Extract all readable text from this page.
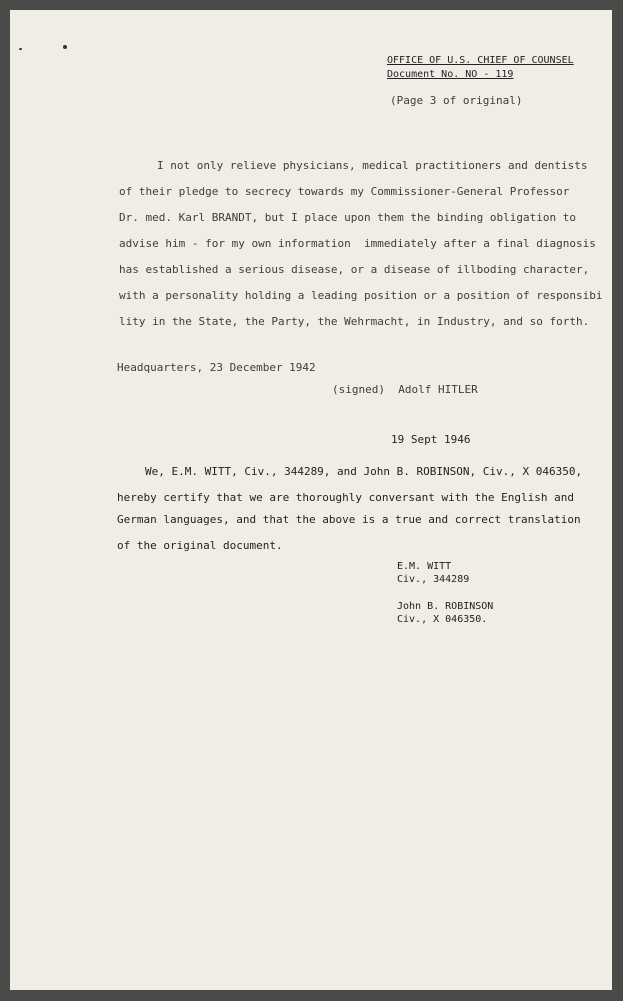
OFFICE OF U.S. CHIEF OF COUNSEL
Document No. NO - 119
(Page 3 of original)
I not only relieve physicians, medical practitioners and dentists
of their pledge to secrecy towards my Commissioner-General Professor
Dr. med. Karl BRANDT, but I place upon them the binding obligation to
advise him - for my own information  immediately after a final diagnosis
has established a serious disease, or a disease of illboding character,
with a personality holding a leading position or a position of responsibi
lity in the State, the Party, the Wehrmacht, in Industry, and so forth.
Headquarters, 23 December 1942
(signed)  Adolf HITLER
19 Sept 1946
We, E.M. WITT, Civ., 344289, and John B. ROBINSON, Civ., X 046350,
hereby certify that we are thoroughly conversant with the English and
German languages, and that the above is a true and correct translation
of the original document.
E.M. WITT
Civ., 344289
John B. ROBINSON
Civ., X 046350.
